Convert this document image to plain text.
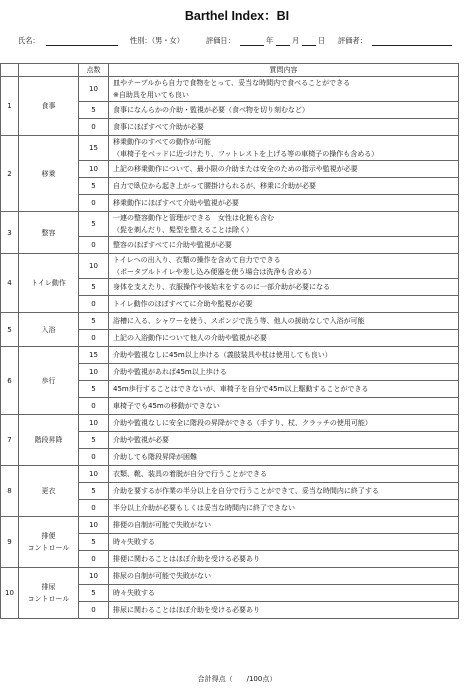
Barthel Index：BI
氏名：	性別：（男・女）	評価日：	年	月	日 評価者：
		点数	質問内容
1	食事	10	皿やテーブルから自力で食物をとって、妥当な時間内で食べることができる
※自助具を用いても良い

		5	食事になんらかの介助・監視が必要（食べ物を切り刻むなど）

		0	食事にほぼすべて介助が必要

2	移乗	15	移乗動作のすべての動作が可能
（車椅子をベッドに近づけたり、フットレストを上げる等の車椅子の操作も含める）

		10	上記の移乗動作について、最小限の介助または安全のための指示や監視が必要

		5	自力で臥位から起き上がって腰掛けられるが、移乗に介助が必要

		0	移乗動作にほぼすべて介助や監視が必要

3	整容	5	一連の整容動作と管理ができる　女性は化粧も含む
（髭を剃んだり、髪型を整えることは除く）

		0	整容のほぼすべてに介助や監視が必要

4	トイレ動作	10	トイレへの出入り、衣類の操作を含めて自力でできる
（ポータブルトイレや差し込み便器を使う場合は洗浄も含める）

		5	身体を支えたり、衣服操作や後始末をするのに一部介助が必要になる

		0	トイレ動作のほぼすべてに介助や監視が必要

5	入浴	5	浴槽に入る、シャワーを使う、スポンジで洗う等、他人の援助なしで入浴が可能

		0	上記の入浴動作について他人の介助や監視が必要

6	歩行	15	介助や監視なしに45m以上歩ける（義肢装具や杖は使用しても良い）

		10	介助や監視があれば45m以上歩ける

		5	45m歩行することはできないが、車椅子を自分で45m以上駆動することができる

		0	車椅子でも45mの移動ができない

7	階段昇降	10	介助や監視なしに安全に階段の昇降ができる（手すり、杖、クラッチの使用可能）

		5	介助や監視が必要

		0	介助しても階段昇降が困難

8	更衣	10	衣類、靴、装具の着脱が自分で行うことができる

		5	介助を要するが作業の半分以上を自分で行うことができて、妥当な時間内に終了する

		0	半分以上介助が必要もしくは妥当な時間内に終了できない

9	排便
コントロール	10	排便の自制が可能で失敗がない

		5	時々失敗する

		0	排便に関わることはほぼ介助を受ける必要あり

10	排尿
コントロール	10	排尿の自制が可能で失敗がない

		5	時々失敗する

		0	排尿に関わることはほぼ介助を受ける必要あり
合計得点（　　/100点）
